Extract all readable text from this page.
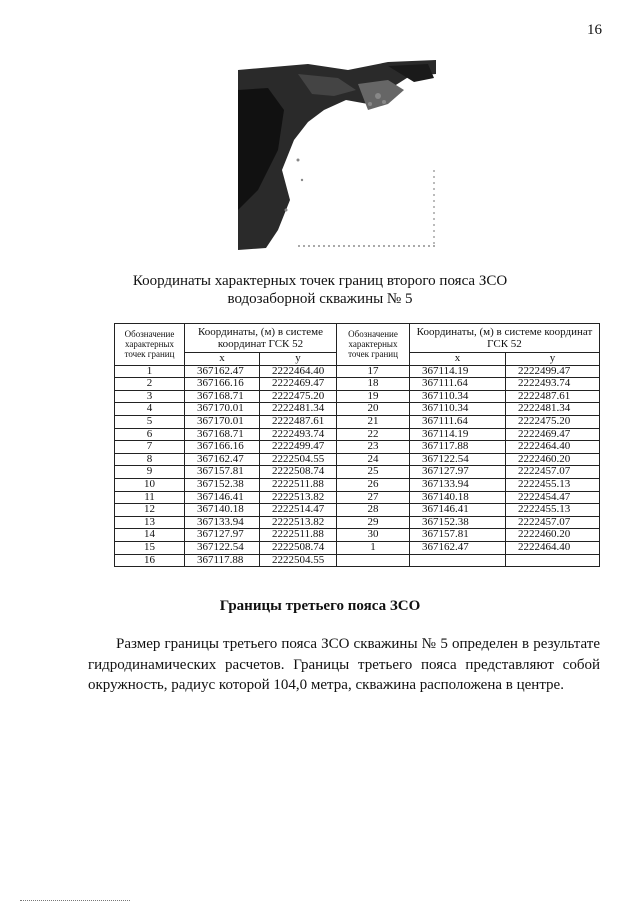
16
Координаты характерных точек границ второго пояса ЗСО
водозаборной скважины № 5
Обозначение характерных точек границ	Координаты, (м) в системе координат ГСК 52		Обозначение характерных точек границ	Координаты, (м) в системе координат ГСК 52	
	x	y		x	y
1	367162.47	2222464.40	17	367114.19	2222499.47
2	367166.16	2222469.47	18	367111.64	2222493.74
3	367168.71	2222475.20	19	367110.34	2222487.61
4	367170.01	2222481.34	20	367110.34	2222481.34
5	367170.01	2222487.61	21	367111.64	2222475.20
6	367168.71	2222493.74	22	367114.19	2222469.47
7	367166.16	2222499.47	23	367117.88	2222464.40
8	367162.47	2222504.55	24	367122.54	2222460.20
9	367157.81	2222508.74	25	367127.97	2222457.07
10	367152.38	2222511.88	26	367133.94	2222455.13
11	367146.41	2222513.82	27	367140.18	2222454.47
12	367140.18	2222514.47	28	367146.41	2222455.13
13	367133.94	2222513.82	29	367152.38	2222457.07
14	367127.97	2222511.88	30	367157.81	2222460.20
15	367122.54	2222508.74	1	367162.47	2222464.40
16	367117.88	2222504.55			
Границы третьего пояса ЗСО
Размер границы третьего пояса ЗСО скважины № 5 определен в результате гидродинамических расчетов. Границы третьего пояса представляют собой окружность, радиус которой 104,0 метра, скважина расположена в центре.
